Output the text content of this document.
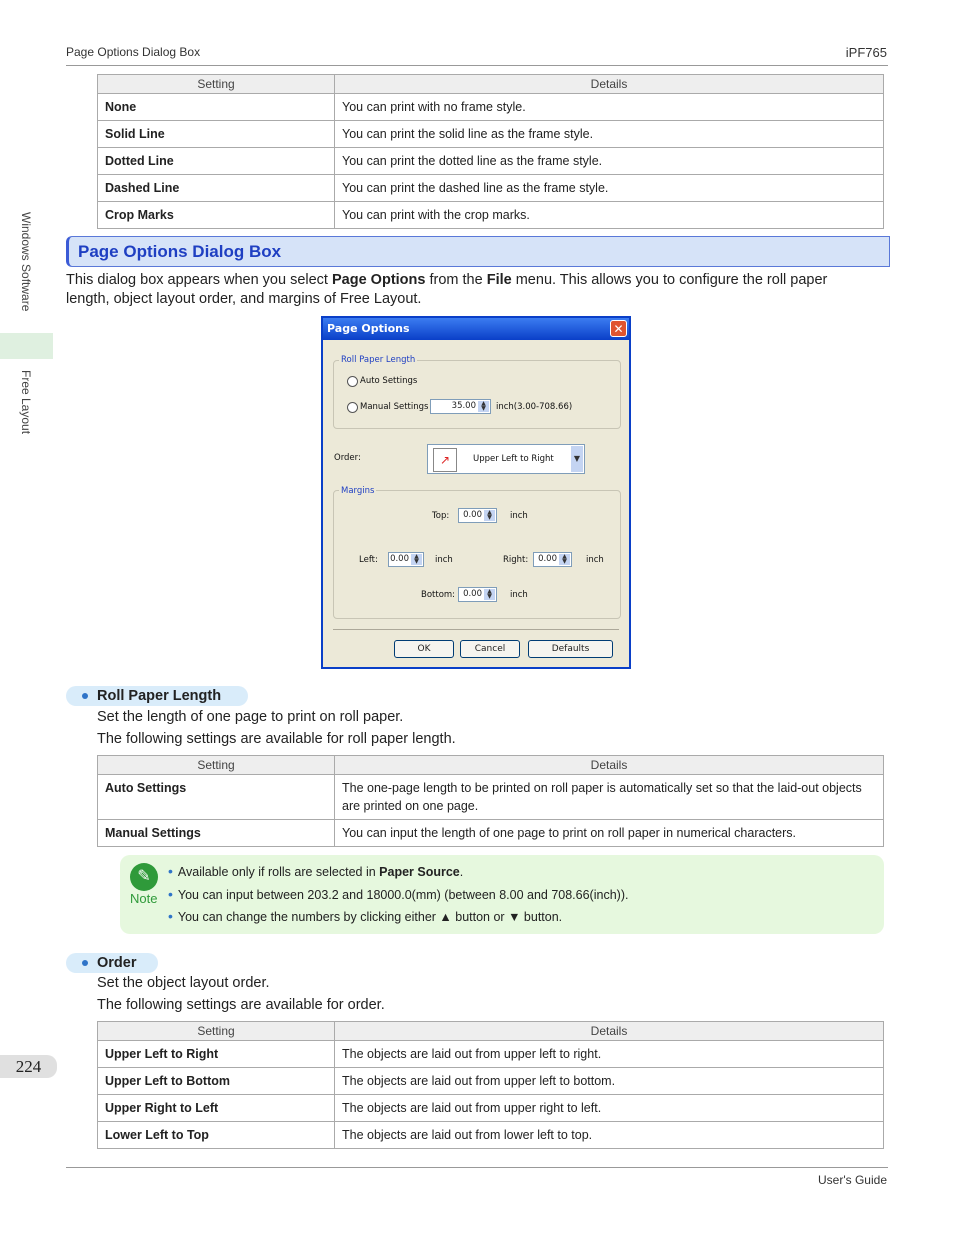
Page Options Dialog Box	iPF765
User's Guide
Windows Software
Free Layout
224
Setting	Details
None	You can print with no frame style.
Solid Line	You can print the solid line as the frame style.
Dotted Line	You can print the dotted line as the frame style.
Dashed Line	You can print the dashed line as the frame style.
Crop Marks	You can print with the crop marks.
Page Options Dialog Box
This dialog box appears when you select Page Options from the File menu. This allows you to configure the roll paper
length, object layout order, and margins of Free Layout.
Page Options	✕
Roll Paper Length
Auto Settings
Manual Settings	35.00 ▲
▼	inch(3.00-708.66)
Order:	↗	Upper Left to Right	▼
Margins
Top:	0.00 ▲
▼	inch
Left: 0.00 ▲
▼	inch	Right:	0.00 ▲
▼	inch
Bottom: 0.00 ▲
▼	inch
OK	Cancel	Defaults
Roll Paper Length
Set the length of one page to print on roll paper.
The following settings are available for roll paper length.
Setting	Details
Auto Settings	The one-page length to be printed on roll paper is automatically set so that the laid-out objects are printed on one page.
Manual Settings	You can input the length of one page to print on roll paper in numerical characters.
✎
Note
• Available only if rolls are selected in Paper Source.
• You can input between 203.2 and 18000.0(mm) (between 8.00 and 708.66(inch)).
• You can change the numbers by clicking either ▲ button or ▼ button.
Order
Set the object layout order.
The following settings are available for order.
Setting	Details
Upper Left to Right	The objects are laid out from upper left to right.
Upper Left to Bottom	The objects are laid out from upper left to bottom.
Upper Right to Left	The objects are laid out from upper right to left.
Lower Left to Top	The objects are laid out from lower left to top.
